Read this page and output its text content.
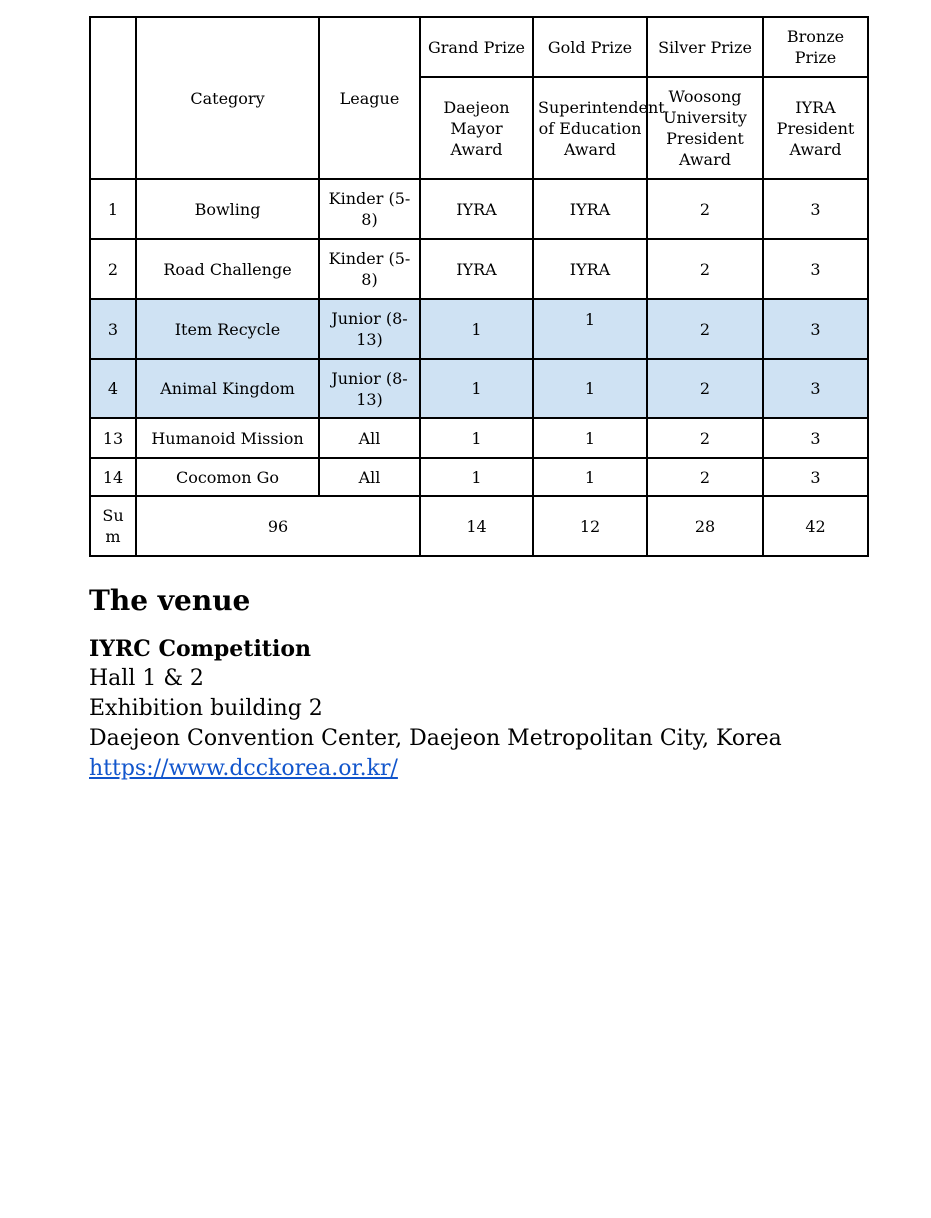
	Category	League	Grand Prize	Gold Prize	Silver Prize	Bronze Prize
			Daejeon Mayor Award	Superintendent of Education Award	Woosong University President Award	IYRA President Award
1	Bowling	Kinder (5-8)	IYRA	IYRA	2	3
2	Road Challenge	Kinder (5-8)	IYRA	IYRA	2	3
3	Item Recycle	Junior (8-13)	1	1	2	3
4	Animal Kingdom	Junior (8-13)	1	1	2	3
13	Humanoid Mission	All	1	1	2	3
14	Cocomon Go	All	1	1	2	3
Sum	96		14	12	28	42
The venue
IYRC Competition
Hall 1 & 2
Exhibition building 2
Daejeon Convention Center, Daejeon Metropolitan City, Korea
https://www.dcckorea.or.kr/
